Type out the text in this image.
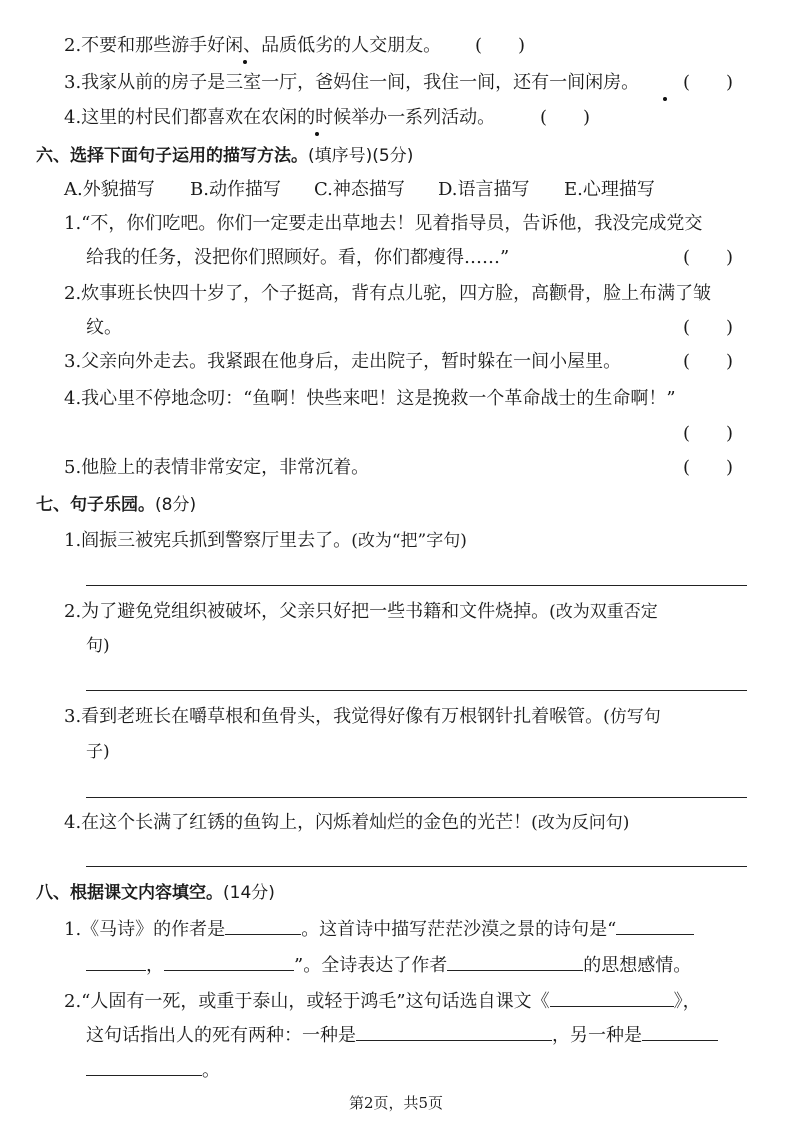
2.不要和那些游手好闲、品质低劣的人交朋友。 (　　)
3.我家从前的房子是三室一厅，爸妈住一间，我住一间，还有一间闲房。 (　　)
4.这里的村民们都喜欢在农闲的时候举办一系列活动。 (　　)
六、选择下面句子运用的描写方法。(填序号)(5分)
A.外貌描写 B.动作描写 C.神态描写 D.语言描写 E.心理描写
1.“不，你们吃吧。你们一定要走出草地去！见着指导员，告诉他，我没完成党交
给我的任务，没把你们照顾好。看，你们都瘦得……”	(　　)
2.炊事班长快四十岁了，个子挺高，背有点儿驼，四方脸，高颧骨，脸上布满了皱
纹。	(　　)
3.父亲向外走去。我紧跟在他身后，走出院子，暂时躲在一间小屋里。	(　　)
4.我心里不停地念叨：“鱼啊！快些来吧！这是挽救一个革命战士的生命啊！”
(　　)
5.他脸上的表情非常安定，非常沉着。	(　　)
七、句子乐园。(8分)
1.阎振三被宪兵抓到警察厅里去了。(改为“把”字句)
2.为了避免党组织被破坏，父亲只好把一些书籍和文件烧掉。(改为双重否定
句)
3.看到老班长在嚼草根和鱼骨头，我觉得好像有万根钢针扎着喉管。(仿写句
子)
4.在这个长满了红锈的鱼钩上，闪烁着灿烂的金色的光芒！(改为反问句)
八、根据课文内容填空。(14分)
1.《马诗》的作者是	。这首诗中描写茫茫沙漠之景的诗句是“
，	”。全诗表达了作者	的思想感情。
2.“人固有一死，或重于泰山，或轻于鸿毛”这句话选自课文《	》，
这句话指出人的死有两种：一种是	，另一种是
。
第2页，共5页
